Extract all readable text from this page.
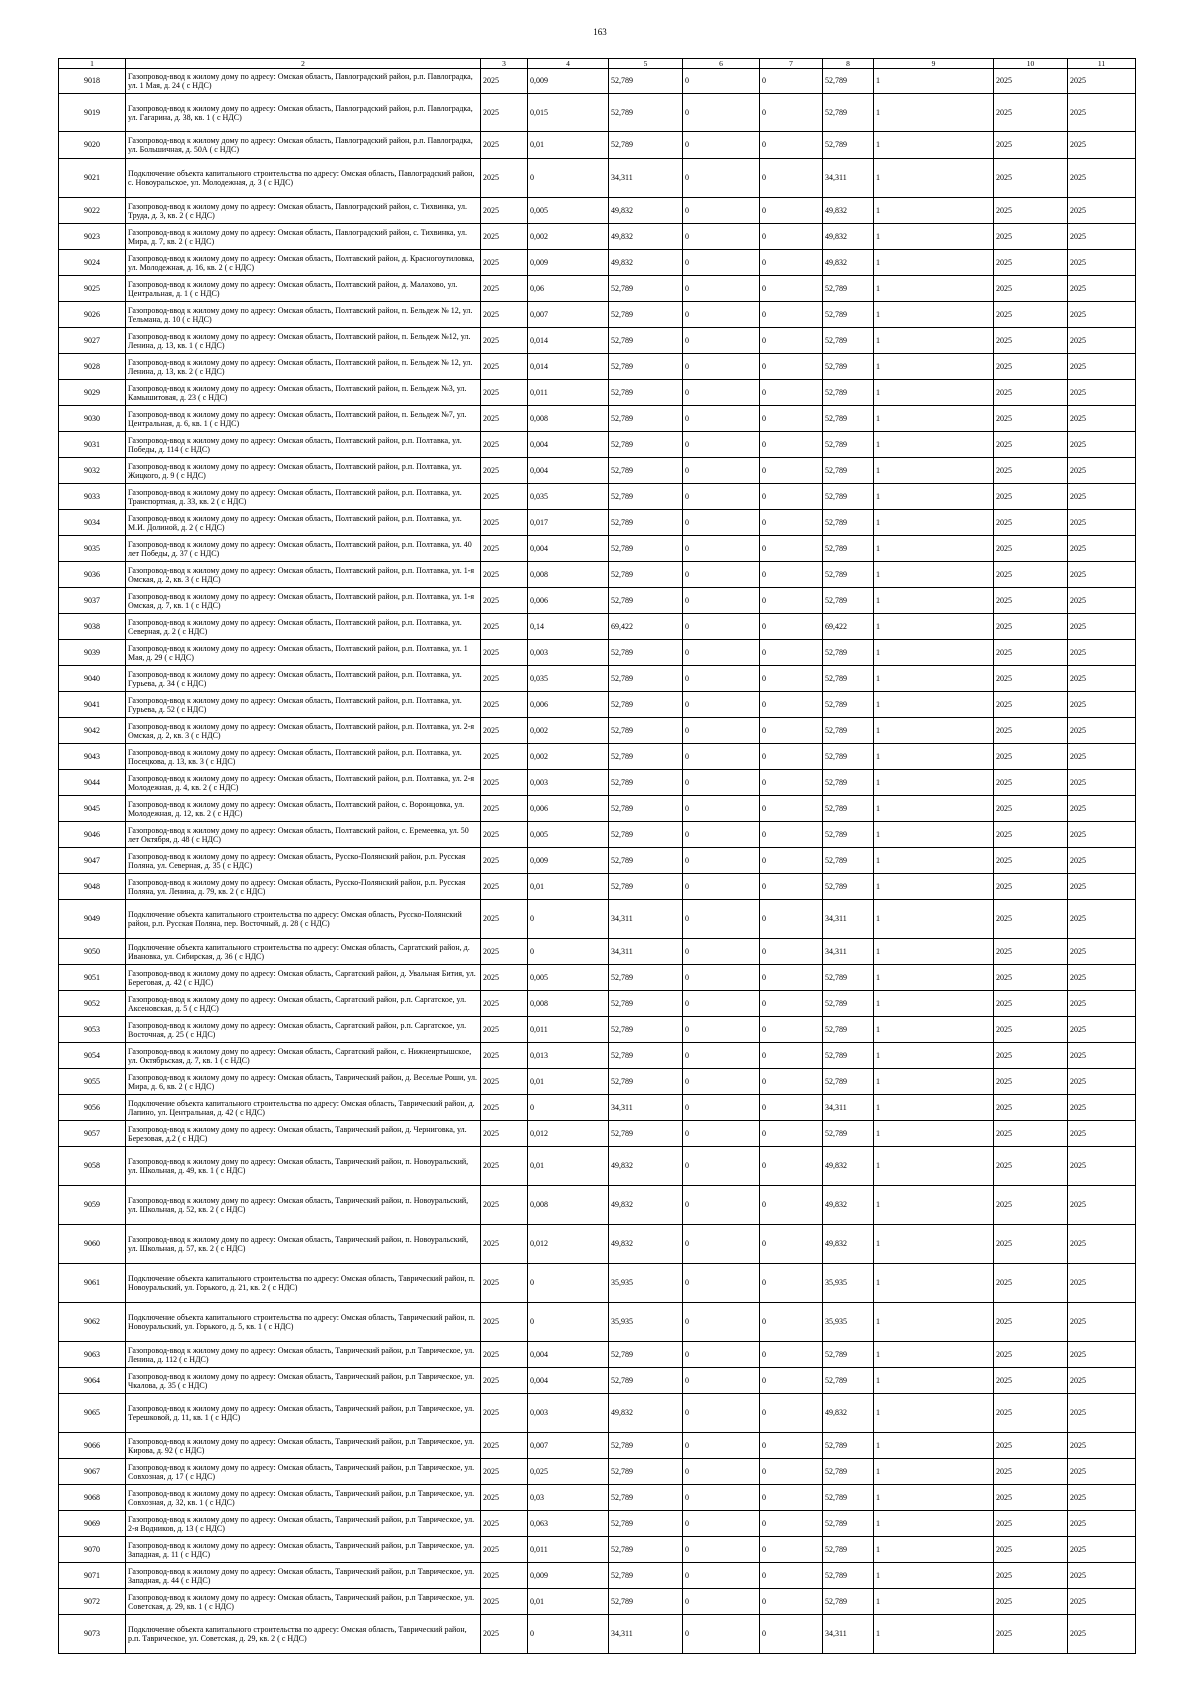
163
1	2	3	4	5	6	7	8	9	10	11
9018	Газопровод-ввод к жилому дому по адресу: Омская область, Павлоградский район, р.п. Павлоградка, ул. 1 Мая, д. 24 ( с НДС)	2025	0,009	52,789	0	0	52,789	1	2025	2025
9019	Газопровод-ввод к жилому дому по адресу: Омская область, Павлоградский район, р.п. Павлоградка, ул. Гагарина, д. 38, кв. 1 ( с НДС)	2025	0,015	52,789	0	0	52,789	1	2025	2025
9020	Газопровод-ввод к жилому дому по адресу: Омская область, Павлоградский район, р.п. Павлоградка, ул. Большичная, д. 50А ( с НДС)	2025	0,01	52,789	0	0	52,789	1	2025	2025
9021	Подключение объекта капитального строительства по адресу: Омская область, Павлоградский район, с. Новоуральское, ул. Молодежная, д. 3 ( с НДС)	2025	0	34,311	0	0	34,311	1	2025	2025
9022	Газопровод-ввод к жилому дому по адресу: Омская область, Павлоградский район, с. Тихвинка, ул. Труда, д. 3, кв. 2 ( с НДС)	2025	0,005	49,832	0	0	49,832	1	2025	2025
9023	Газопровод-ввод к жилому дому по адресу: Омская область, Павлоградский район, с. Тихвинка, ул. Мира, д. 7, кв. 2 ( с НДС)	2025	0,002	49,832	0	0	49,832	1	2025	2025
9024	Газопровод-ввод к жилому дому по адресу: Омская область, Полтавский район, д. Красногоутиловка, ул. Молодежная, д. 16, кв. 2 ( с НДС)	2025	0,009	49,832	0	0	49,832	1	2025	2025
9025	Газопровод-ввод к жилому дому по адресу: Омская область, Полтавский район, д. Малахово, ул. Центральная, д. 1 ( с НДС)	2025	0,06	52,789	0	0	52,789	1	2025	2025
9026	Газопровод-ввод к жилому дому по адресу: Омская область, Полтавский район, п. Бельдеж № 12, ул. Тельмана, д. 10 ( с НДС)	2025	0,007	52,789	0	0	52,789	1	2025	2025
9027	Газопровод-ввод к жилому дому по адресу: Омская область, Полтавский район, п. Бельдеж №12, ул. Ленина, д. 13, кв. 1 ( с НДС)	2025	0,014	52,789	0	0	52,789	1	2025	2025
9028	Газопровод-ввод к жилому дому по адресу: Омская область, Полтавский район, п. Бельдеж № 12, ул. Ленина, д. 13, кв. 2 ( с НДС)	2025	0,014	52,789	0	0	52,789	1	2025	2025
9029	Газопровод-ввод к жилому дому по адресу: Омская область, Полтавский район, п. Бельдеж №3, ул. Камышитовая, д. 23 ( с НДС)	2025	0,011	52,789	0	0	52,789	1	2025	2025
9030	Газопровод-ввод к жилому дому по адресу: Омская область, Полтавский район, п. Бельдеж №7, ул. Центральная, д. 6, кв. 1 ( с НДС)	2025	0,008	52,789	0	0	52,789	1	2025	2025
9031	Газопровод-ввод к жилому дому по адресу: Омская область, Полтавский район, р.п. Полтавка, ул. Победы, д. 114 ( с НДС)	2025	0,004	52,789	0	0	52,789	1	2025	2025
9032	Газопровод-ввод к жилому дому по адресу: Омская область, Полтавский район, р.п. Полтавка, ул. Жицкого, д. 9 ( с НДС)	2025	0,004	52,789	0	0	52,789	1	2025	2025
9033	Газопровод-ввод к жилому дому по адресу: Омская область, Полтавский район, р.п. Полтавка, ул. Транспортная, д. 33, кв. 2 ( с НДС)	2025	0,035	52,789	0	0	52,789	1	2025	2025
9034	Газопровод-ввод к жилому дому по адресу: Омская область, Полтавский район, р.п. Полтавка, ул. М.И. Долиной, д. 2 ( с НДС)	2025	0,017	52,789	0	0	52,789	1	2025	2025
9035	Газопровод-ввод к жилому дому по адресу: Омская область, Полтавский район, р.п. Полтавка, ул. 40 лет Победы, д. 37 ( с НДС)	2025	0,004	52,789	0	0	52,789	1	2025	2025
9036	Газопровод-ввод к жилому дому по адресу: Омская область, Полтавский район, р.п. Полтавка, ул. 1-я Омская, д. 2, кв. 3 ( с НДС)	2025	0,008	52,789	0	0	52,789	1	2025	2025
9037	Газопровод-ввод к жилому дому по адресу: Омская область, Полтавский район, р.п. Полтавка, ул. 1-я Омская, д. 7, кв. 1 ( с НДС)	2025	0,006	52,789	0	0	52,789	1	2025	2025
9038	Газопровод-ввод к жилому дому по адресу: Омская область, Полтавский район, р.п. Полтавка, ул. Северная, д. 2 ( с НДС)	2025	0,14	69,422	0	0	69,422	1	2025	2025
9039	Газопровод-ввод к жилому дому по адресу: Омская область, Полтавский район, р.п. Полтавка, ул. 1 Мая, д. 29 ( с НДС)	2025	0,003	52,789	0	0	52,789	1	2025	2025
9040	Газопровод-ввод к жилому дому по адресу: Омская область, Полтавский район, р.п. Полтавка, ул. Гурьева, д. 34 ( с НДС)	2025	0,035	52,789	0	0	52,789	1	2025	2025
9041	Газопровод-ввод к жилому дому по адресу: Омская область, Полтавский район, р.п. Полтавка, ул. Гурьева, д. 52 ( с НДС)	2025	0,006	52,789	0	0	52,789	1	2025	2025
9042	Газопровод-ввод к жилому дому по адресу: Омская область, Полтавский район, р.п. Полтавка, ул. 2-я Омская, д. 2, кв. 3 ( с НДС)	2025	0,002	52,789	0	0	52,789	1	2025	2025
9043	Газопровод-ввод к жилому дому по адресу: Омская область, Полтавский район, р.п. Полтавка, ул. Посецкова, д. 13, кв. 3 ( с НДС)	2025	0,002	52,789	0	0	52,789	1	2025	2025
9044	Газопровод-ввод к жилому дому по адресу: Омская область, Полтавский район, р.п. Полтавка, ул. 2-я Молодежная, д. 4, кв. 2 ( с НДС)	2025	0,003	52,789	0	0	52,789	1	2025	2025
9045	Газопровод-ввод к жилому дому по адресу: Омская область, Полтавский район, с. Воронцовка, ул. Молодежная, д. 12, кв. 2 ( с НДС)	2025	0,006	52,789	0	0	52,789	1	2025	2025
9046	Газопровод-ввод к жилому дому по адресу: Омская область, Полтавский район, с. Еремеевка, ул. 50 лет Октября, д. 48 ( с НДС)	2025	0,005	52,789	0	0	52,789	1	2025	2025
9047	Газопровод-ввод к жилому дому по адресу: Омская область, Русско-Полянский район, р.п. Русская Поляна, ул. Северная, д. 35 ( с НДС)	2025	0,009	52,789	0	0	52,789	1	2025	2025
9048	Газопровод-ввод к жилому дому по адресу: Омская область, Русско-Полянский район, р.п. Русская Поляна, ул. Ленина, д. 79, кв. 2 ( с НДС)	2025	0,01	52,789	0	0	52,789	1	2025	2025
9049	Подключение объекта капитального строительства по адресу: Омская область, Русско-Полянский район, р.п. Русская Поляна, пер. Восточный, д. 28 ( с НДС)	2025	0	34,311	0	0	34,311	1	2025	2025
9050	Подключение объекта капитального строительства по адресу: Омская область, Саргатский район, д. Ивановка, ул. Сибирская, д. 36 ( с НДС)	2025	0	34,311	0	0	34,311	1	2025	2025
9051	Газопровод-ввод к жилому дому по адресу: Омская область, Саргатский район, д. Увальная Бития, ул. Береговая, д. 42 ( с НДС)	2025	0,005	52,789	0	0	52,789	1	2025	2025
9052	Газопровод-ввод к жилому дому по адресу: Омская область, Саргатский район, р.п. Саргатское, ул. Аксеновская, д. 5 ( с НДС)	2025	0,008	52,789	0	0	52,789	1	2025	2025
9053	Газопровод-ввод к жилому дому по адресу: Омская область, Саргатский район, р.п. Саргатское, ул. Восточная, д. 25 ( с НДС)	2025	0,011	52,789	0	0	52,789	1	2025	2025
9054	Газопровод-ввод к жилому дому по адресу: Омская область, Саргатский район, с. Нижнеиртышское, ул. Октябрьская, д. 7, кв. 1 ( с НДС)	2025	0,013	52,789	0	0	52,789	1	2025	2025
9055	Газопровод-ввод к жилому дому по адресу: Омская область, Таврический район, д. Веселые Роши, ул. Мира, д. 6, кв. 2 ( с НДС)	2025	0,01	52,789	0	0	52,789	1	2025	2025
9056	Подключение объекта капитального строительства по адресу: Омская область, Таврический район, д. Лапино, ул. Центральная, д. 42 ( с НДС)	2025	0	34,311	0	0	34,311	1	2025	2025
9057	Газопровод-ввод к жилому дому по адресу: Омская область, Таврический район, д. Черниговка, ул. Березовая, д.2 ( с НДС)	2025	0,012	52,789	0	0	52,789	1	2025	2025
9058	Газопровод-ввод к жилому дому по адресу: Омская область, Таврический район, п. Новоуральский, ул. Школьная, д. 49, кв. 1 ( с НДС)	2025	0,01	49,832	0	0	49,832	1	2025	2025
9059	Газопровод-ввод к жилому дому по адресу: Омская область, Таврический район, п. Новоуральский, ул. Школьная, д. 52, кв. 2 ( с НДС)	2025	0,008	49,832	0	0	49,832	1	2025	2025
9060	Газопровод-ввод к жилому дому по адресу: Омская область, Таврический район, п. Новоуральский, ул. Школьная, д. 57, кв. 2 ( с НДС)	2025	0,012	49,832	0	0	49,832	1	2025	2025
9061	Подключение объекта капитального строительства по адресу: Омская область, Таврический район, п. Новоуральский, ул. Горького, д. 21, кв. 2 ( с НДС)	2025	0	35,935	0	0	35,935	1	2025	2025
9062	Подключение объекта капитального строительства по адресу: Омская область, Таврический район, п. Новоуральский, ул. Горького, д. 5, кв. 1 ( с НДС)	2025	0	35,935	0	0	35,935	1	2025	2025
9063	Газопровод-ввод к жилому дому по адресу: Омская область, Таврический район, р.п Таврическое, ул. Ленина, д. 112 ( с НДС)	2025	0,004	52,789	0	0	52,789	1	2025	2025
9064	Газопровод-ввод к жилому дому по адресу: Омская область, Таврический район, р.п Таврическое, ул. Чкалова, д. 35 ( с НДС)	2025	0,004	52,789	0	0	52,789	1	2025	2025
9065	Газопровод-ввод к жилому дому по адресу: Омская область, Таврический район, р.п Таврическое, ул. Терешковой, д. 11, кв. 1 ( с НДС)	2025	0,003	49,832	0	0	49,832	1	2025	2025
9066	Газопровод-ввод к жилому дому по адресу: Омская область, Таврический район, р.п Таврическое, ул. Кирова, д. 92 ( с НДС)	2025	0,007	52,789	0	0	52,789	1	2025	2025
9067	Газопровод-ввод к жилому дому по адресу: Омская область, Таврический район, р.п Таврическое, ул. Совхозная, д. 17 ( с НДС)	2025	0,025	52,789	0	0	52,789	1	2025	2025
9068	Газопровод-ввод к жилому дому по адресу: Омская область, Таврический район, р.п Таврическое, ул. Совхозная, д. 32, кв. 1 ( с НДС)	2025	0,03	52,789	0	0	52,789	1	2025	2025
9069	Газопровод-ввод к жилому дому по адресу: Омская область, Таврический район, р.п Таврическое, ул. 2-я Водников, д. 13 ( с НДС)	2025	0,063	52,789	0	0	52,789	1	2025	2025
9070	Газопровод-ввод к жилому дому по адресу: Омская область, Таврический район, р.п Таврическое, ул. Западная, д. 11 ( с НДС)	2025	0,011	52,789	0	0	52,789	1	2025	2025
9071	Газопровод-ввод к жилому дому по адресу: Омская область, Таврический район, р.п Таврическое, ул. Западная, д. 44 ( с НДС)	2025	0,009	52,789	0	0	52,789	1	2025	2025
9072	Газопровод-ввод к жилому дому по адресу: Омская область, Таврический район, р.п Таврическое, ул. Советская, д. 29, кв. 1 ( с НДС)	2025	0,01	52,789	0	0	52,789	1	2025	2025
9073	Подключение объекта капитального строительства по адресу: Омская область, Таврический район, р.п. Таврическое, ул. Советская, д. 29, кв. 2 ( с НДС)	2025	0	34,311	0	0	34,311	1	2025	2025
